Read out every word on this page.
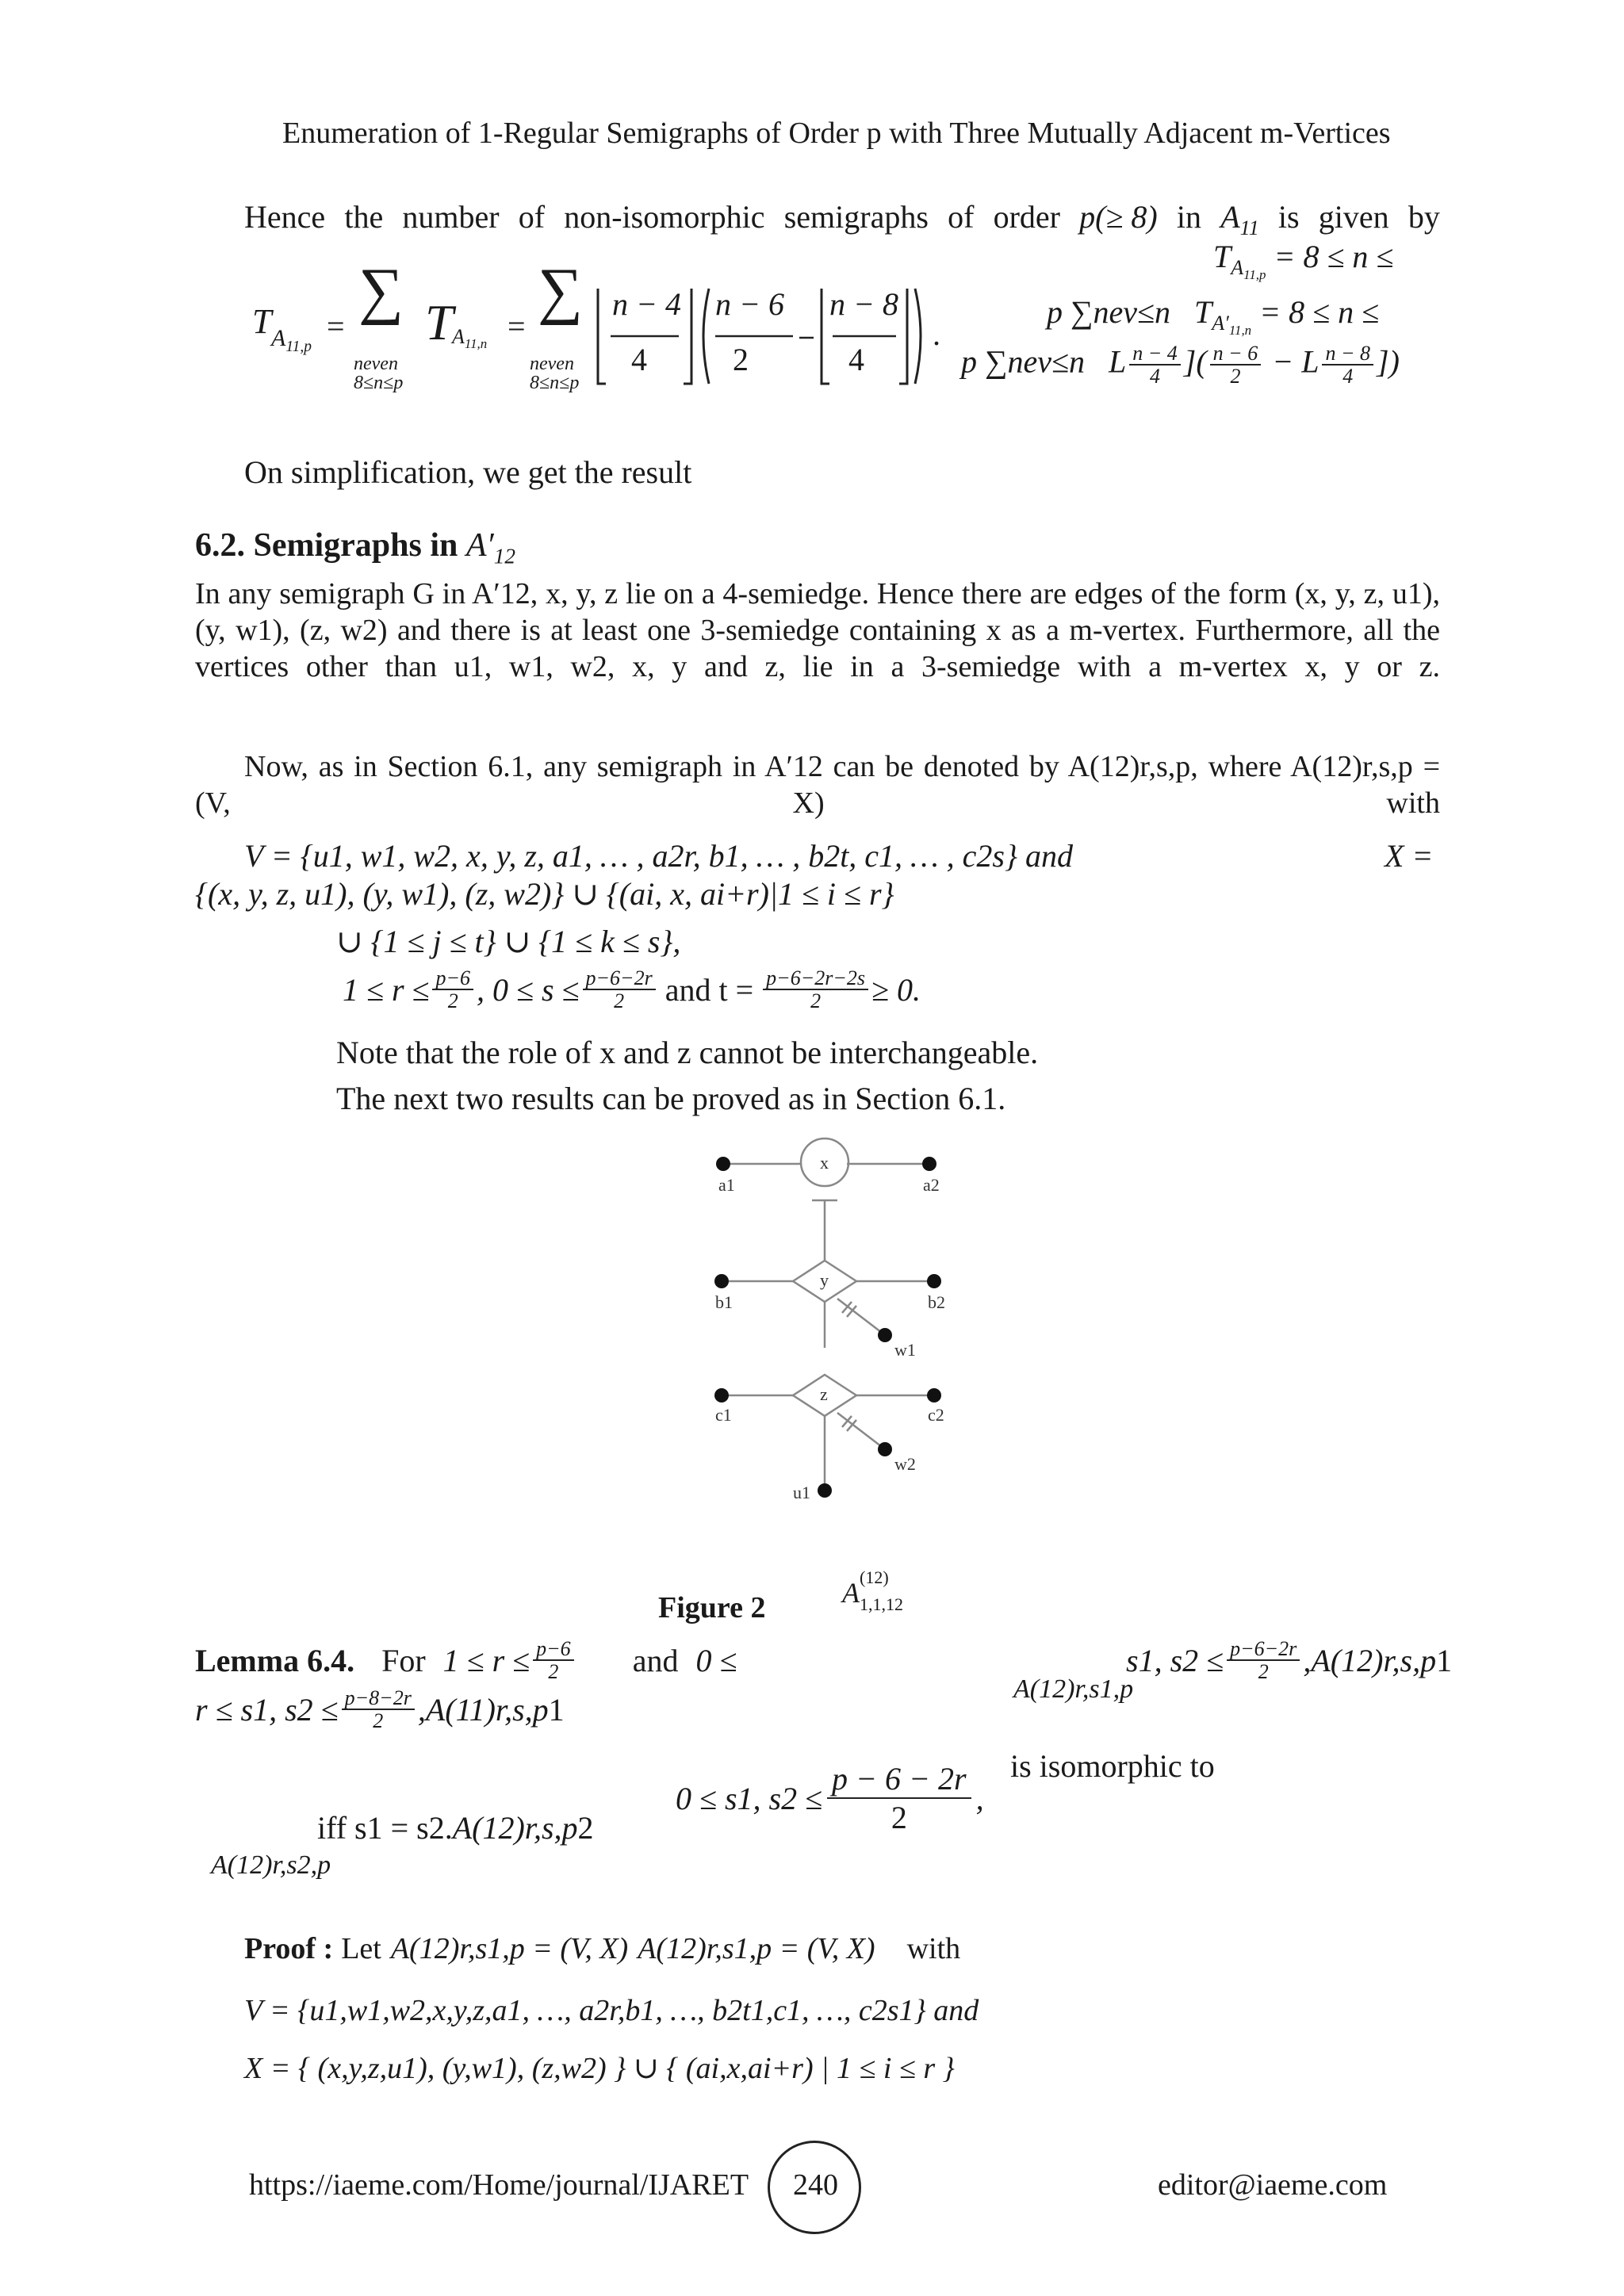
Enumeration of 1-Regular Semigraphs of Order p with Three Mutually Adjacent m-Vertices
Hence the number of non-isomorphic semigraphs of order p(≥ 8) in $A_{11}$ is given by
$T_{A_{11,p}} = 8 \le n$ ≤
p ∑nev≤n   $T_{A'_{11,n}} = 8 \le n$ ≤
p ∑nev≤n L $\frac{n - 4}{4}$ ]( $\frac{n - 6}{2} - L \frac{n - 8}{4}$ ])
T $A_{11,p}$
=
∑ T
$A_{11,n}$ =
∑
neven
8≤n≤p
neven
8≤n≤p
n − 4
4
n − 6
2
n − 8
4
.
On simplification, we get the result
6.2. Semigraphs in $A'_{12}$
In any semigraph G in A′12, x, y, z lie on a 4-semiedge. Hence there are edges of the form (x, y, z, u1), (y, w1), (z, w2) and there is at least one 3-semiedge containing x as a m-vertex. Furthermore, all the vertices other than u1, w1, w2, x, y and z, lie in a 3-semiedge with a m-vertex x, y or z.
Now, as in Section 6.1, any semigraph in A′12 can be denoted by A(12)r,s,p, where A(12)r,s,p = (V, X) with
V = {u1, w1, w2, x, y, z, a1, … , a2r, b1, … , b2t, c1, … , c2s} and	X =
{(x, y, z, u1), (y, w1), (z, w2)} ∪ {(ai, x, ai+r)|1 ≤ i ≤ r}
∪ {1 ≤ j ≤ t} ∪ {1 ≤ k ≤ s},
$1 \le r \le \frac{p-6}{2}$ , $0 \le s \le \frac{p-6-2r}{2}$ and $t = \frac{p-6-2r-2s}{2} \ge 0$.
Note that the role of x and z cannot be interchangeable.
The next two results can be proved as in Section 6.1.
x
y
z
a1	a2
b1	b2
c1	c2
w1
w2
u1
Figure 2	A (12)
1,1,12
Lemma 6.4. For $1 \le r \le \frac{p-6}{2}$ and 0 ≤	s1, $s2 \le \frac{p-6-2r}{2}$ , A(12)r,s,p 1
A(12)r,s1,p
r ≤ s1, $s2 \le \frac{p-8-2r}{2}$ , A(11)r,s,p 1
0 ≤ s1, $s2 \le \frac{p - 6 - 2r}{2}$ ,
is isomorphic to
iff s1 = s2. A(12)r,s,p 2
A(12)r,s2,p
Proof : Let A(12)r,s1,p = (V, X) A(12)r,s1,p = (V, X) with
V = {u1,w1,w2,x,y,z,a1, …, a2r,b1, …, b2t1,c1, …, c2s1} and
X = { (x,y,z,u1), (y,w1), (z,w2) } ∪ { (ai,x,ai+r) | 1 ≤ i ≤ r }
https://iaeme.com/Home/journal/IJARET 240	editor@iaeme.com
